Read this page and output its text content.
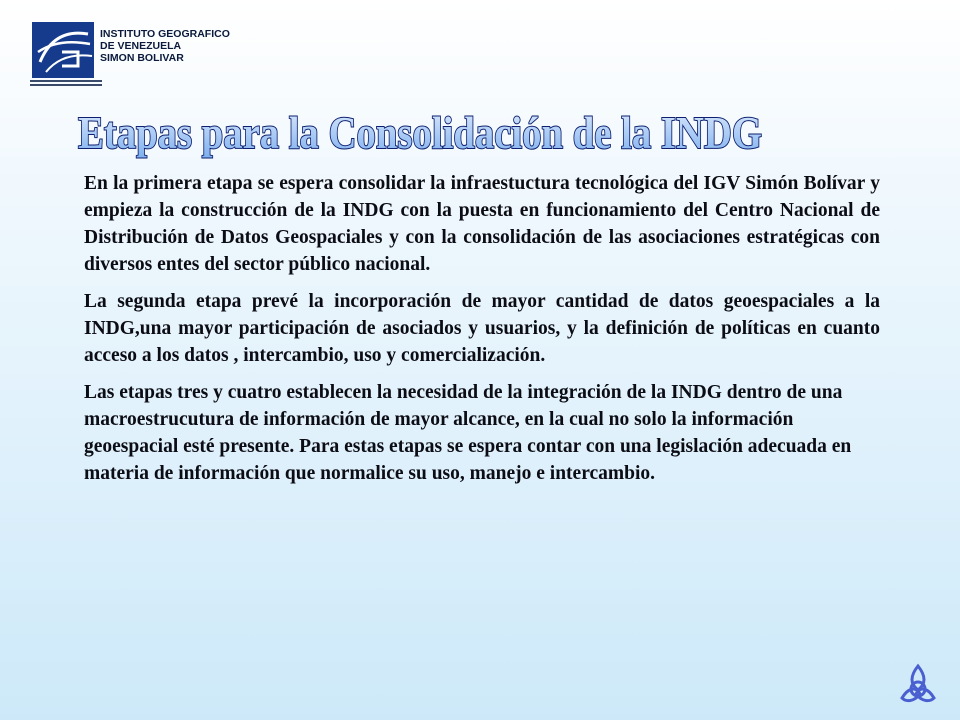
INSTITUTO GEOGRAFICO
DE VENEZUELA
SIMON BOLIVAR
Etapas para la Consolidación de la INDG

En la primera etapa se espera consolidar la infraestuctura tecnológica del IGV Simón Bolívar y empieza la construcción de la INDG con la puesta en funcionamiento del Centro Nacional de Distribución de Datos Geospaciales y con la consolidación de las asociaciones estratégicas con diversos entes del sector público nacional.

La segunda etapa prevé la incorporación de mayor cantidad de datos geoespaciales a la INDG,una mayor participación de asociados y usuarios, y la definición de políticas en cuanto acceso a los datos , intercambio, uso y comercialización.

Las etapas tres y cuatro establecen la necesidad de la integración de la INDG dentro de una macroestrucutura de información de mayor alcance, en la cual no solo la información geoespacial esté presente. Para estas etapas se espera contar con una legislación adecuada en materia de información que normalice su uso, manejo e intercambio.
